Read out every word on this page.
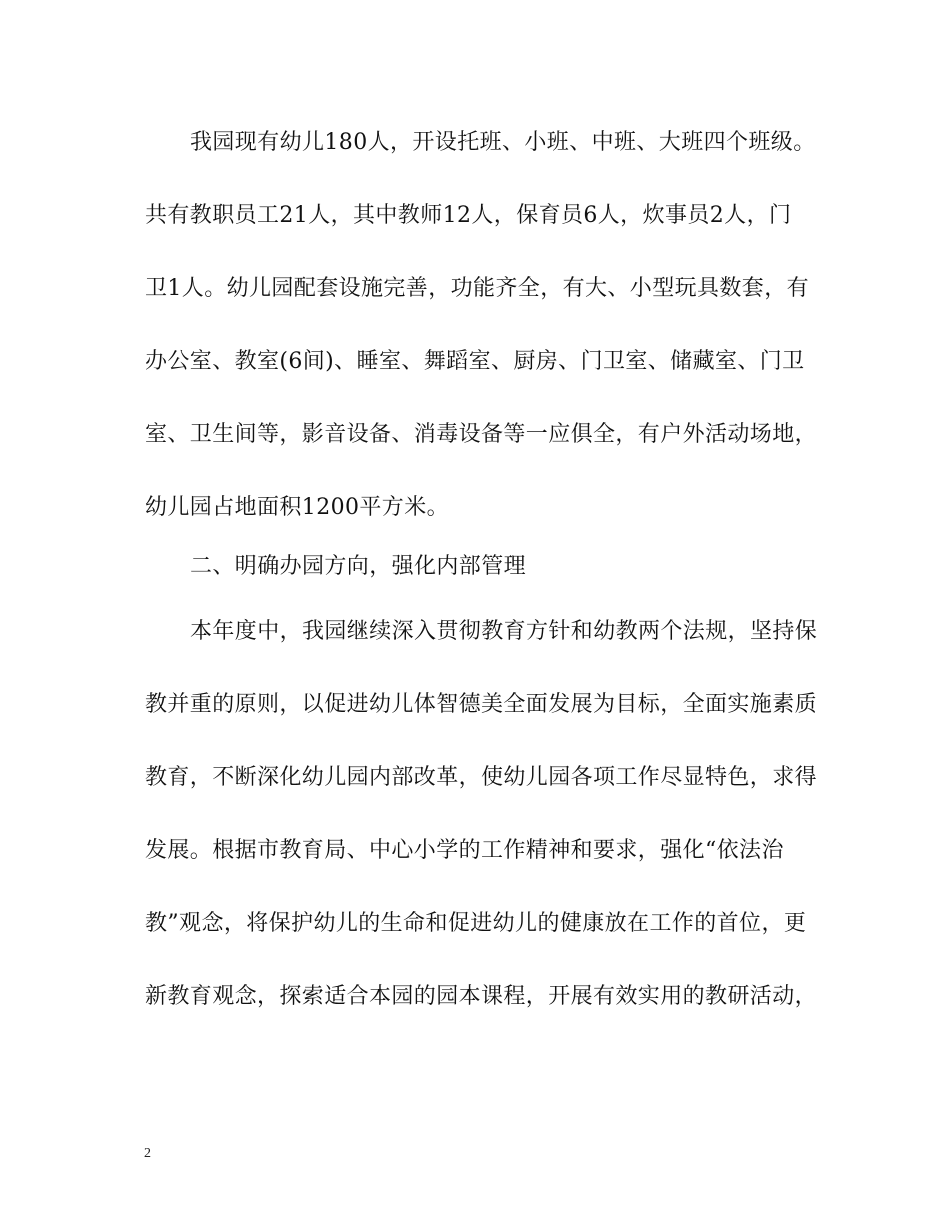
我园现有幼儿180人，开设托班、小班、中班、大班四个班级。

共有教职员工21人，其中教师12人，保育员6人，炊事员2人，门

卫1人。幼儿园配套设施完善，功能齐全，有大、小型玩具数套，有

办公室、教室(6间)、睡室、舞蹈室、厨房、门卫室、储藏室、门卫

室、卫生间等，影音设备、消毒设备等一应俱全，有户外活动场地，

幼儿园占地面积1200平方米。

二、明确办园方向，强化内部管理

本年度中，我园继续深入贯彻教育方针和幼教两个法规，坚持保

教并重的原则，以促进幼儿体智德美全面发展为目标，全面实施素质

教育，不断深化幼儿园内部改革，使幼儿园各项工作尽显特色，求得

发展。根据市教育局、中心小学的工作精神和要求，强化“依法治

教”观念，将保护幼儿的生命和促进幼儿的健康放在工作的首位，更

新教育观念，探索适合本园的园本课程，开展有效实用的教研活动，

2
